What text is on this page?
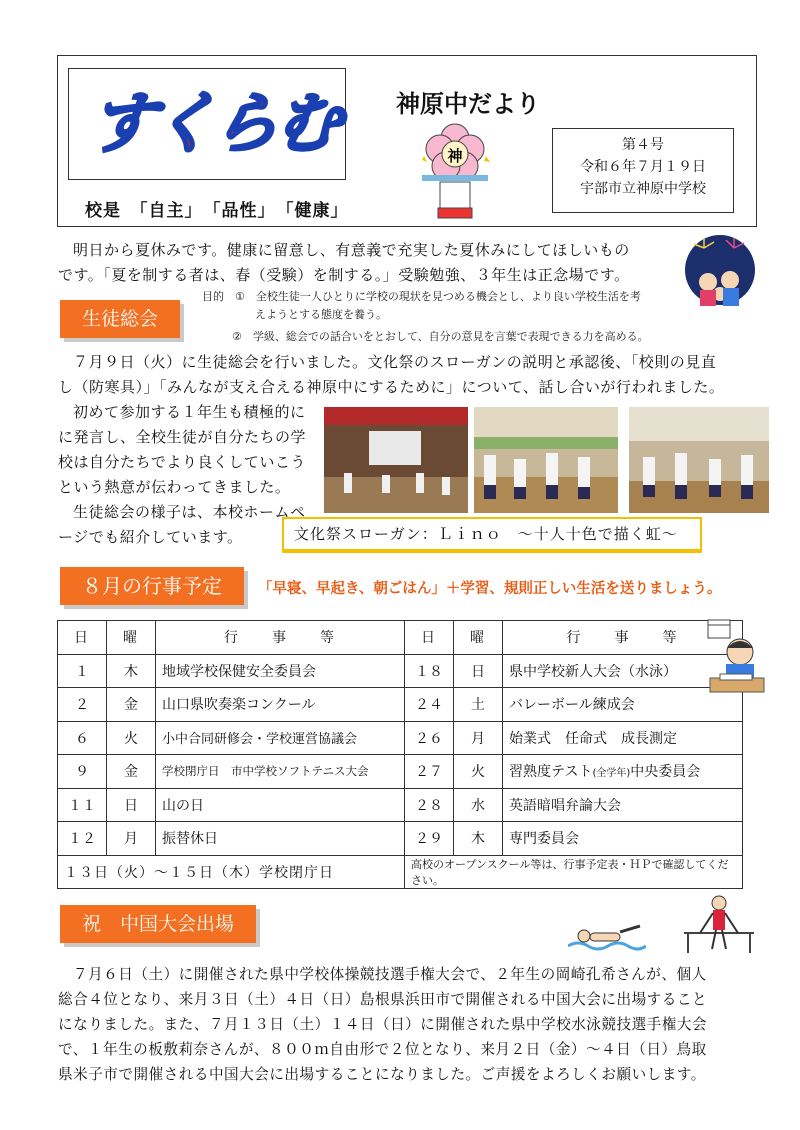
すくらむ 神原中だより
神
第４号
令和６年７月１９日
宇部市立神原中学校
校是　「自主」　「品性」　「健康」
明日から夏休みです。健康に留意し、有意義で充実した夏休みにしてほしいもの
です。「夏を制する者は、春（受験）を制する。」受験勉強、３年生は正念場です。
生徒総会
目的　 ①　全校生徒一人ひとりに学校の現状を見つめる機会とし、より良い学校生活を考
えようとする態度を養う。
②　学級、総会での話合いをとおして、自分の意見を言葉で表現できる力を高める。
７月９日（火）に生徒総会を行いました。文化祭のスローガンの説明と承認後、「校則の見直
し（防寒具）」「みんなが支え合える神原中にするために」について、話し合いが行われました。
初めて参加する１年生も積極的に
に発言し、全校生徒が自分たちの学
校は自分たちでより良くしていこう
という熱意が伝わってきました。
生徒総会の様子は、本校ホームペ
ージでも紹介しています。	文化祭スローガン：Ｌｉｎｏ　～十人十色で描く虹～
８月の行事予定	「早寝、早起き、朝ごはん」＋学習、規則正しい生活を送りましょう。
日	曜	行　　事　　等	日	曜	行　　事　　等
１	木	地域学校保健安全委員会	１８	日	県中学校新人大会（水泳）
２	金	山口県吹奏楽コンクール	２４	土	バレーボール練成会
６	火	小中合同研修会・学校運営協議会	２６	月	始業式　任命式　成長測定
９	金	学校閉庁日　市中学校ソフトテニス大会	２７	火	習熟度テスト(全学年)中央委員会
１１	日	山の日	２８	水	英語暗唱弁論大会
１２	月	振替休日	２９	木	専門委員会
１３日（火）～１５日（木）学校閉庁日			高校のオープンスクール等は、行事予定表・ＨＰで確認してください。		
祝　中国大会出場
７月６日（土）に開催された県中学校体操競技選手権大会で、２年生の岡崎孔希さんが、個人
総合４位となり、来月３日（土）４日（日）島根県浜田市で開催される中国大会に出場すること
になりました。また、７月１３日（土）１４日（日）に開催された県中学校水泳競技選手権大会
で、１年生の板敷莉奈さんが、８００ｍ自由形で２位となり、来月２日（金）～４日（日）鳥取
県米子市で開催される中国大会に出場することになりました。ご声援をよろしくお願いします。
